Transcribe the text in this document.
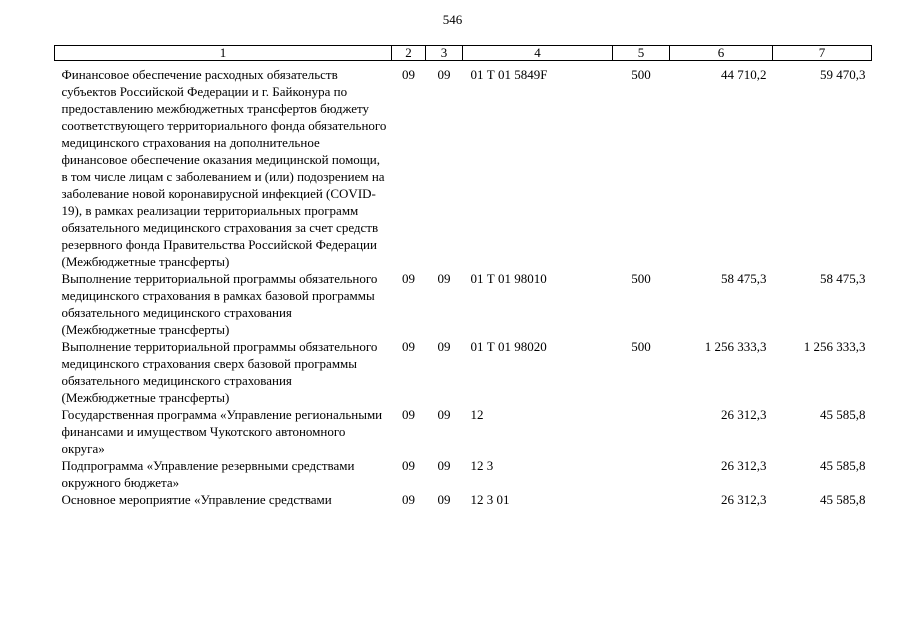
546
1	2	3	4	5	6	7
Финансовое обеспечение расходных обязательств субъектов Российской Федерации и г. Байконура по предоставлению межбюджетных трансфертов бюджету соответствующего территориального фонда обязательного медицинского страхования на дополнительное финансовое обеспечение оказания медицинской помощи, в том числе лицам с заболеванием и (или) подозрением на заболевание новой коронавирусной инфекцией (COVID-19), в рамках реализации территориальных программ обязательного медицинского страхования за счет средств резервного фонда Правительства Российской Федерации (Межбюджетные трансферты)	09	09	01 Т 01 5849F	500	44 710,2	59 470,3
Выполнение территориальной программы обязательного медицинского страхования в рамках базовой программы обязательного медицинского страхования (Межбюджетные трансферты)	09	09	01 Т 01 98010	500	58 475,3	58 475,3
Выполнение территориальной программы обязательного медицинского страхования сверх базовой программы обязательного медицинского страхования (Межбюджетные трансферты)	09	09	01 Т 01 98020	500	1 256 333,3	1 256 333,3
Государственная программа «Управление региональными финансами и имуществом Чукотского автономного округа»	09	09	12		26 312,3	45 585,8
Подпрограмма «Управление резервными средствами окружного бюджета»	09	09	12 3		26 312,3	45 585,8
Основное мероприятие «Управление средствами	09	09	12 3 01		26 312,3	45 585,8
